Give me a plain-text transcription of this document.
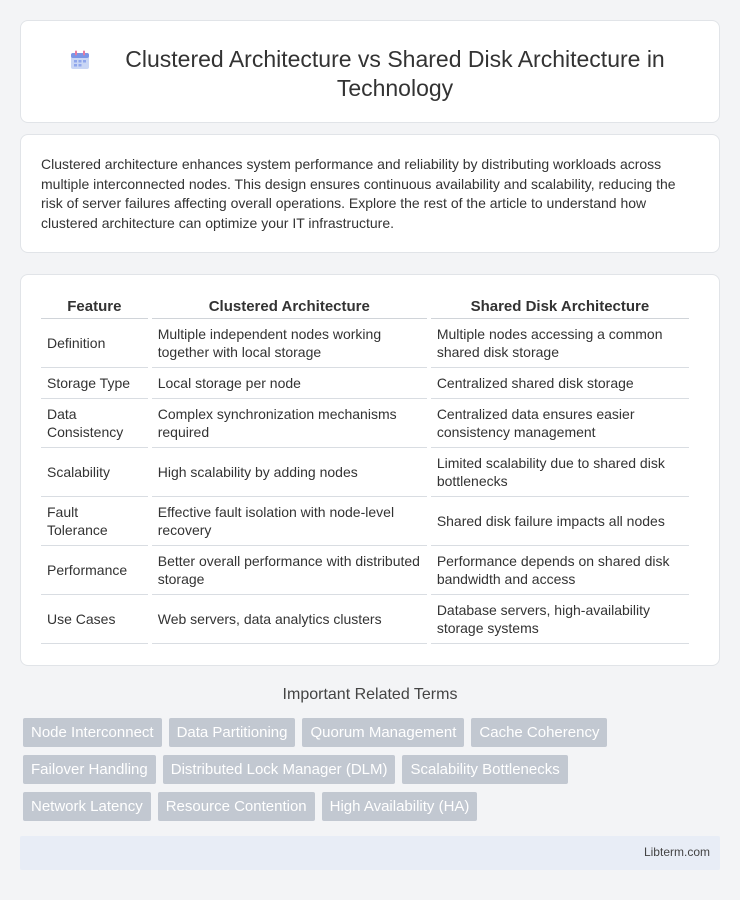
Clustered Architecture vs Shared Disk Architecture in Technology

Clustered architecture enhances system performance and reliability by distributing workloads across multiple interconnected nodes. This design ensures continuous availability and scalability, reducing the risk of server failures affecting overall operations. Explore the rest of the article to understand how clustered architecture can optimize your IT infrastructure.

Feature	Clustered Architecture	Shared Disk Architecture
Definition	Multiple independent nodes working together with local storage	Multiple nodes accessing a common shared disk storage
Storage Type	Local storage per node	Centralized shared disk storage
Data Consistency	Complex synchronization mechanisms required	Centralized data ensures easier consistency management
Scalability	High scalability by adding nodes	Limited scalability due to shared disk bottlenecks
Fault Tolerance	Effective fault isolation with node-level recovery	Shared disk failure impacts all nodes
Performance	Better overall performance with distributed storage	Performance depends on shared disk bandwidth and access
Use Cases	Web servers, data analytics clusters	Database servers, high-availability storage systems
Important Related Terms
Node Interconnect	Data Partitioning	Quorum Management	Cache Coherency
Failover Handling	Distributed Lock Manager (DLM)	Scalability Bottlenecks
Network Latency	Resource Contention	High Availability (HA)
Libterm.com
